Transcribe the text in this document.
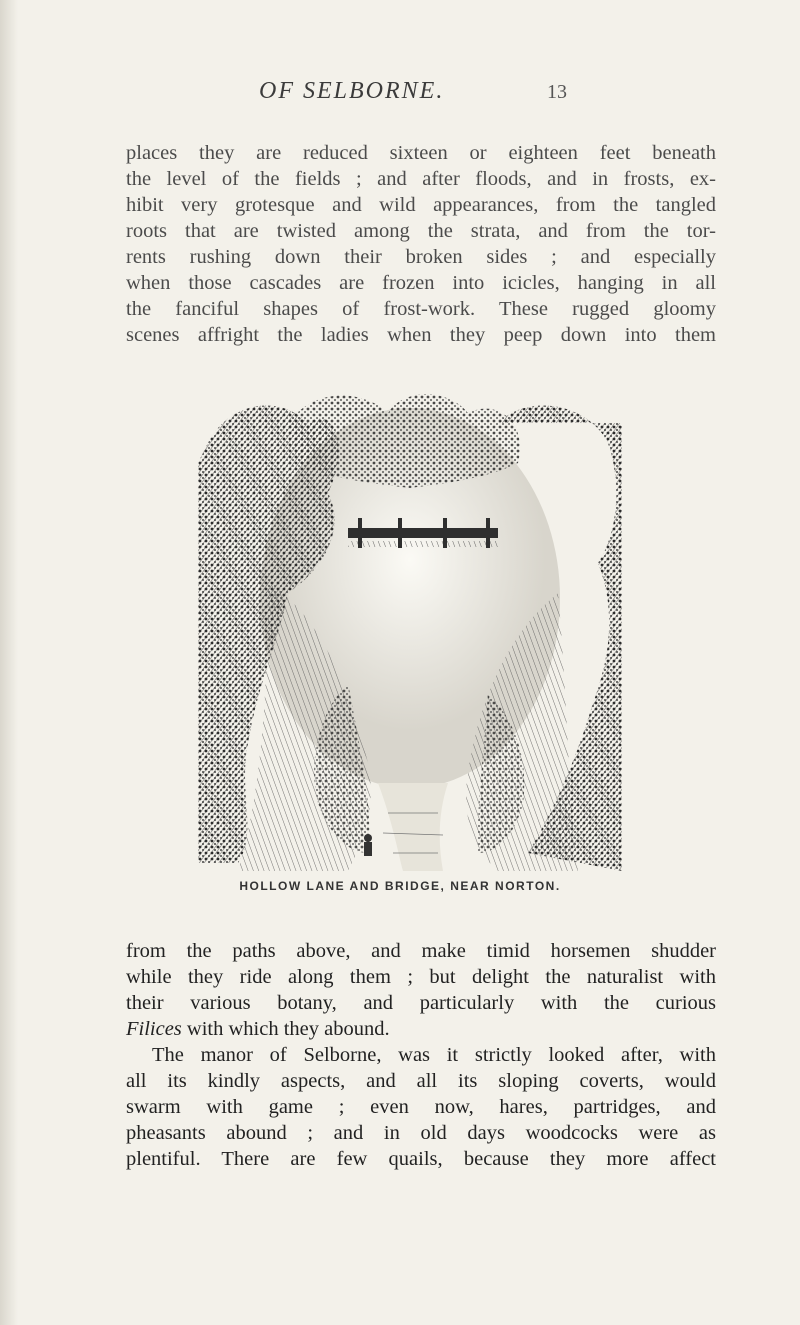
OF SELBORNE.	13
places they are reduced sixteen or eighteen feet beneath
the level of the fields ; and after floods, and in frosts, ex-
hibit very grotesque and wild appearances, from the tangled
roots that are twisted among the strata, and from the tor-
rents rushing down their broken sides ; and especially
when those cascades are frozen into icicles, hanging in all
the fanciful shapes of frost-work. These rugged gloomy
scenes affright the ladies when they peep down into them
HOLLOW LANE AND BRIDGE, NEAR NORTON.
from the paths above, and make timid horsemen shudder
while they ride along them ; but delight the naturalist with
their various botany, and particularly with the curious
Filices with which they abound.
The manor of Selborne, was it strictly looked after, with
all its kindly aspects, and all its sloping coverts, would
swarm with game ; even now, hares, partridges, and
pheasants abound ; and in old days woodcocks were as
plentiful. There are few quails, because they more affect
